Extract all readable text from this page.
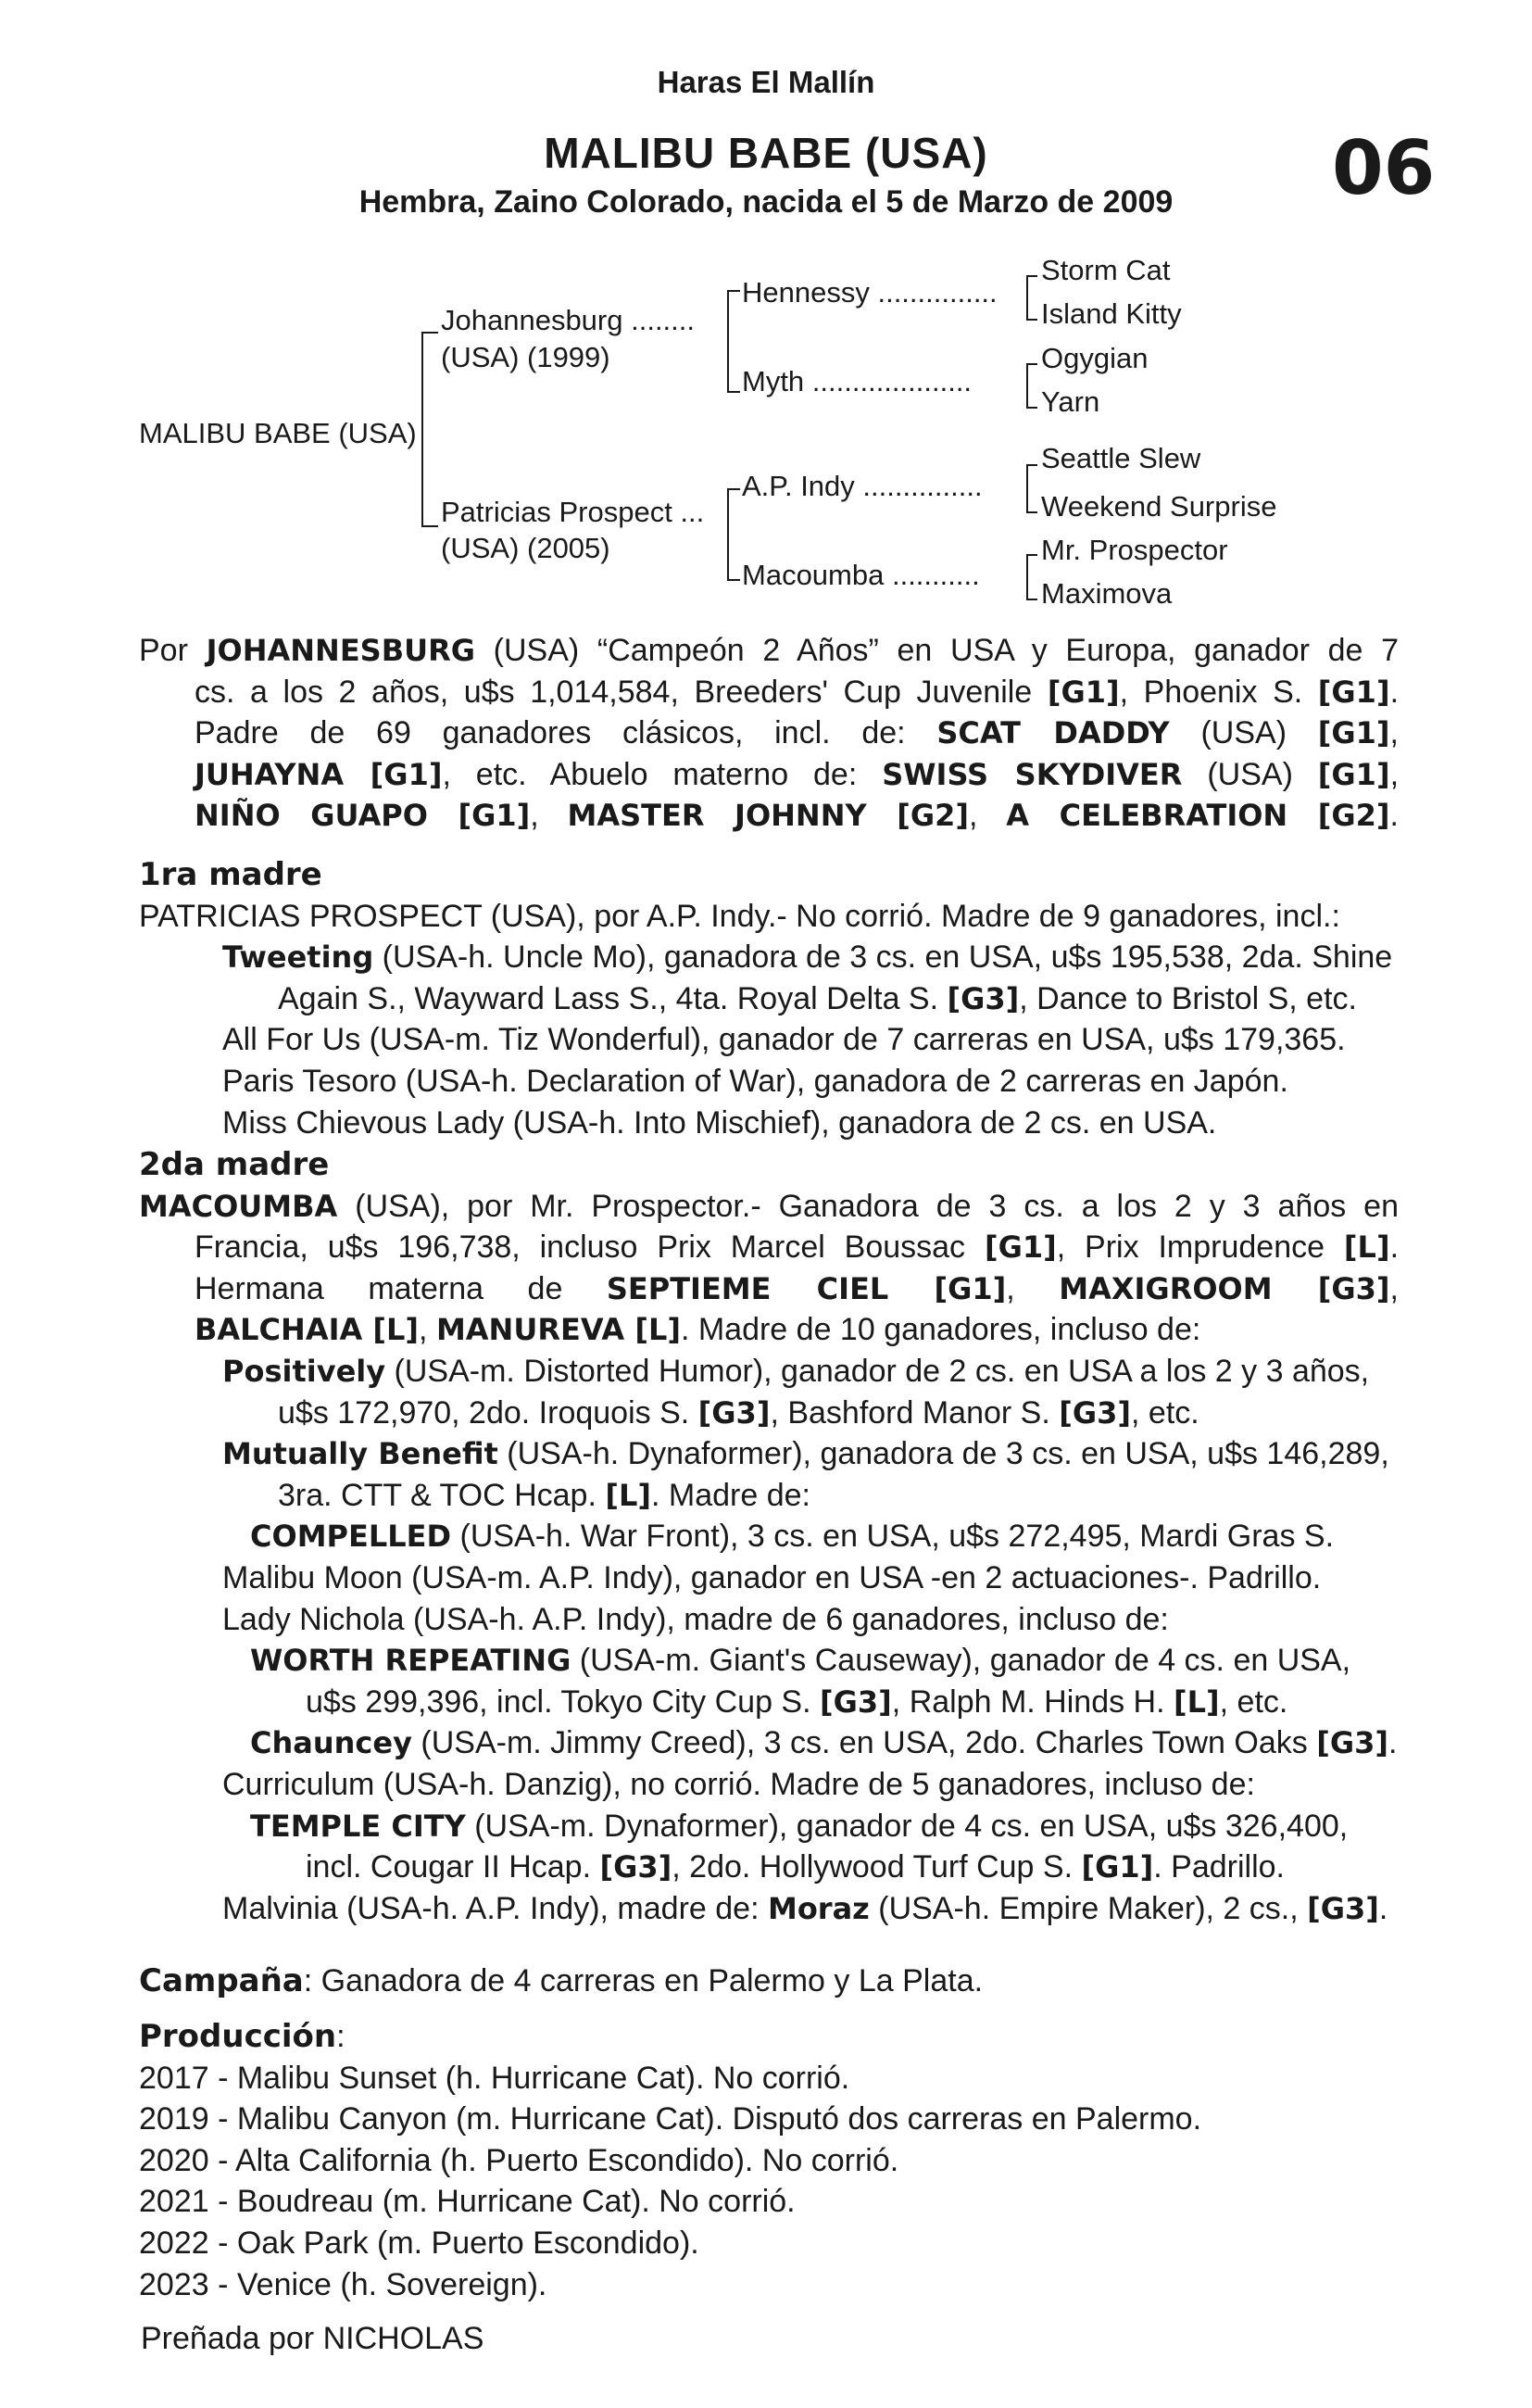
Haras El Mallín
MALIBU BABE (USA)
Hembra, Zaino Colorado, nacida el 5 de Marzo de 2009	06
MALIBU BABE (USA)
Johannesburg ........
(USA) (1999)
Patricias Prospect ...
(USA) (2005)
Hennessy ...............
Myth ....................
A.P. Indy ...............
Macoumba ...........
Storm Cat
Island Kitty
Ogygian
Yarn
Seattle Slew
Weekend Surprise
Mr. Prospector
Maximova

Por JOHANNESBURG (USA) “Campeón 2 Años” en USA y Europa, ganador de 7

cs. a los 2 años, u$s 1,014,584, Breeders' Cup Juvenile [G1], Phoenix S. [G1].

Padre de 69 ganadores clásicos, incl. de: SCAT DADDY (USA) [G1],

JUHAYNA [G1], etc. Abuelo materno de: SWISS SKYDIVER (USA) [G1],

NIÑO GUAPO [G1], MASTER JOHNNY [G2], A CELEBRATION [G2].

1ra madre

PATRICIAS PROSPECT (USA), por A.P. Indy.- No corrió. Madre de 9 ganadores, incl.:

Tweeting (USA-h. Uncle Mo), ganadora de 3 cs. en USA, u$s 195,538, 2da. Shine

Again S., Wayward Lass S., 4ta. Royal Delta S. [G3], Dance to Bristol S, etc.

All For Us (USA-m. Tiz Wonderful), ganador de 7 carreras en USA, u$s 179,365.

Paris Tesoro (USA-h. Declaration of War), ganadora de 2 carreras en Japón.

Miss Chievous Lady (USA-h. Into Mischief), ganadora de 2 cs. en USA.

2da madre

MACOUMBA (USA), por Mr. Prospector.- Ganadora de 3 cs. a los 2 y 3 años en

Francia, u$s 196,738, incluso Prix Marcel Boussac [G1], Prix Imprudence [L].

Hermana materna de SEPTIEME CIEL [G1], MAXIGROOM [G3],

BALCHAIA [L], MANUREVA [L]. Madre de 10 ganadores, incluso de:

Positively (USA-m. Distorted Humor), ganador de 2 cs. en USA a los 2 y 3 años,

u$s 172,970, 2do. Iroquois S. [G3], Bashford Manor S. [G3], etc.

Mutually Benefit (USA-h. Dynaformer), ganadora de 3 cs. en USA, u$s 146,289,

3ra. CTT & TOC Hcap. [L]. Madre de:

COMPELLED (USA-h. War Front), 3 cs. en USA, u$s 272,495, Mardi Gras S.

Malibu Moon (USA-m. A.P. Indy), ganador en USA -en 2 actuaciones-. Padrillo.

Lady Nichola (USA-h. A.P. Indy), madre de 6 ganadores, incluso de:

WORTH REPEATING (USA-m. Giant's Causeway), ganador de 4 cs. en USA,

u$s 299,396, incl. Tokyo City Cup S. [G3], Ralph M. Hinds H. [L], etc.

Chauncey (USA-m. Jimmy Creed), 3 cs. en USA, 2do. Charles Town Oaks [G3].

Curriculum (USA-h. Danzig), no corrió. Madre de 5 ganadores, incluso de:

TEMPLE CITY (USA-m. Dynaformer), ganador de 4 cs. en USA, u$s 326,400,

incl. Cougar II Hcap. [G3], 2do. Hollywood Turf Cup S. [G1]. Padrillo.

Malvinia (USA-h. A.P. Indy), madre de: Moraz (USA-h. Empire Maker), 2 cs., [G3].

Campaña: Ganadora de 4 carreras en Palermo y La Plata.

Producción:

2017 - Malibu Sunset (h. Hurricane Cat). No corrió.

2019 - Malibu Canyon (m. Hurricane Cat). Disputó dos carreras en Palermo.

2020 - Alta California (h. Puerto Escondido). No corrió.

2021 - Boudreau (m. Hurricane Cat). No corrió.

2022 - Oak Park (m. Puerto Escondido).

2023 - Venice (h. Sovereign).

Preñada por NICHOLAS
